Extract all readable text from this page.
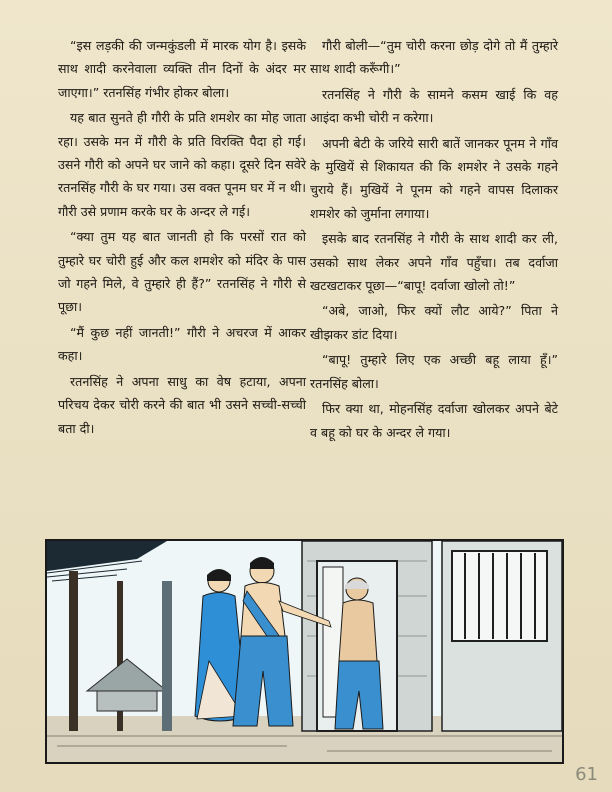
“इस लड़की की जन्मकुंडली में मारक योग है। इसके साथ शादी करनेवाला व्यक्ति तीन दिनों के अंदर मर जाएगा।” रतनसिंह गंभीर होकर बोला।

यह बात सुनते ही गौरी के प्रति शमशेर का मोह जाता रहा। उसके मन में गौरी के प्रति विरक्ति पैदा हो गई। उसने गौरी को अपने घर जाने को कहा। दूसरे दिन सवेरे रतनसिंह गौरी के घर गया। उस वक्त पूनम घर में न थी। गौरी उसे प्रणाम करके घर के अन्दर ले गई।

“क्या तुम यह बात जानती हो कि परसों रात को तुम्हारे घर चोरी हुई और कल शमशेर को मंदिर के पास जो गहने मिले, वे तुम्हारे ही हैं?” रतनसिंह ने गौरी से पूछा।

“मैं कुछ नहीं जानती!” गौरी ने अचरज में आकर कहा।

रतनसिंह ने अपना साधु का वेष हटाया, अपना परिचय देकर चोरी करने की बात भी उसने सच्ची-सच्ची बता दी।

गौरी बोली—“तुम चोरी करना छोड़ दोगे तो मैं तुम्हारे साथ शादी करूँगी।”

रतनसिंह ने गौरी के सामने कसम खाई कि वह आइंदा कभी चोरी न करेगा।

अपनी बेटी के जरिये सारी बातें जानकर पूनम ने गाँव के मुखियें से शिकायत की कि शमशेर ने उसके गहने चुराये हैं। मुखियें ने पूनम को गहने वापस दिलाकर शमशेर को जुर्माना लगाया।

इसके बाद रतनसिंह ने गौरी के साथ शादी कर ली, उसको साथ लेकर अपने गाँव पहुँचा। तब दर्वाजा खटखटाकर पूछा—“बापू! दर्वाजा खोलो तो!”

“अबे, जाओ, फिर क्यों लौट आये?” पिता ने खीझकर डांट दिया।

“बापू! तुम्हारे लिए एक अच्छी बहू लाया हूँ।” रतनसिंह बोला।

फिर क्या था, मोहनसिंह दर्वाजा खोलकर अपने बेटे व बहू को घर के अन्दर ले गया।

61
